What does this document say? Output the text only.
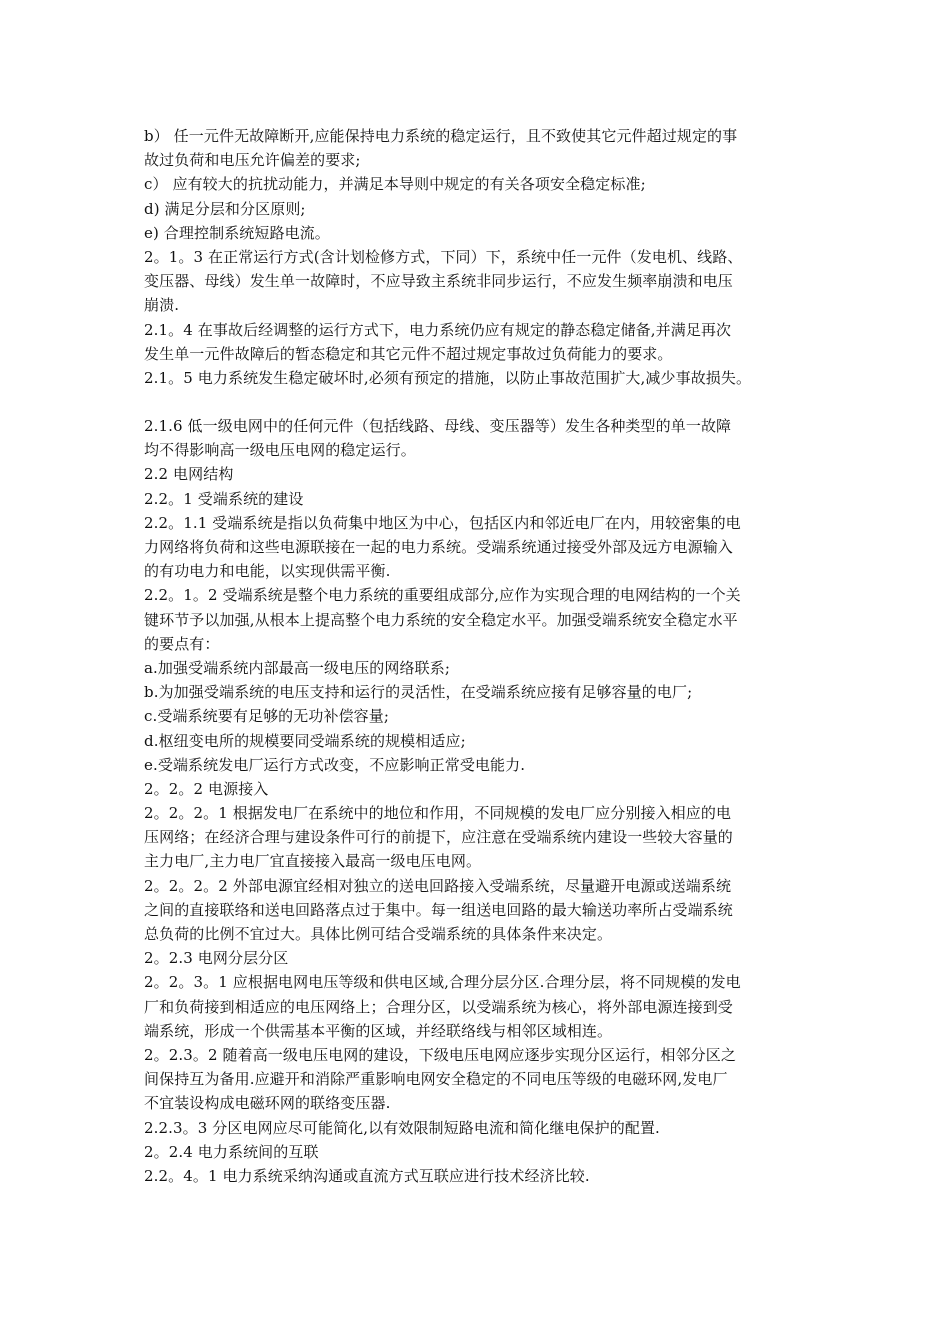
b） 任一元件无故障断开,应能保持电力系统的稳定运行，且不致使其它元件超过规定的事
故过负荷和电压允许偏差的要求;
c） 应有较大的抗扰动能力，并满足本导则中规定的有关各项安全稳定标准;
d) 满足分层和分区原则;
e) 合理控制系统短路电流。
2。1。3 在正常运行方式(含计划检修方式，下同）下，系统中任一元件（发电机、线路、
变压器、母线）发生单一故障时，不应导致主系统非同步运行，不应发生频率崩溃和电压
崩溃.
2.1。4 在事故后经调整的运行方式下，电力系统仍应有规定的静态稳定储备,并满足再次
发生单一元件故障后的暂态稳定和其它元件不超过规定事故过负荷能力的要求。
2.1。5 电力系统发生稳定破坏时,必须有预定的措施，以防止事故范围扩大,减少事故损失。
2.1.6 低一级电网中的任何元件（包括线路、母线、变压器等）发生各种类型的单一故障
均不得影响高一级电压电网的稳定运行。
2.2 电网结构
2.2。1 受端系统的建设
2.2。1.1 受端系统是指以负荷集中地区为中心，包括区内和邻近电厂在内，用较密集的电
力网络将负荷和这些电源联接在一起的电力系统。受端系统通过接受外部及远方电源输入
的有功电力和电能，以实现供需平衡.
2.2。1。2 受端系统是整个电力系统的重要组成部分,应作为实现合理的电网结构的一个关
键环节予以加强,从根本上提高整个电力系统的安全稳定水平。加强受端系统安全稳定水平
的要点有：
a.加强受端系统内部最高一级电压的网络联系;
b.为加强受端系统的电压支持和运行的灵活性，在受端系统应接有足够容量的电厂;
c.受端系统要有足够的无功补偿容量;
d.枢纽变电所的规模要同受端系统的规模相适应;
e.受端系统发电厂运行方式改变，不应影响正常受电能力.
2。2。2 电源接入
2。2。2。1 根据发电厂在系统中的地位和作用，不同规模的发电厂应分别接入相应的电
压网络；在经济合理与建设条件可行的前提下，应注意在受端系统内建设一些较大容量的
主力电厂,主力电厂宜直接接入最高一级电压电网。
2。2。2。2 外部电源宜经相对独立的送电回路接入受端系统，尽量避开电源或送端系统
之间的直接联络和送电回路落点过于集中。每一组送电回路的最大输送功率所占受端系统
总负荷的比例不宜过大。具体比例可结合受端系统的具体条件来决定。
2。2.3 电网分层分区
2。2。3。1 应根据电网电压等级和供电区域,合理分层分区.合理分层，将不同规模的发电
厂和负荷接到相适应的电压网络上；合理分区，以受端系统为核心，将外部电源连接到受
端系统，形成一个供需基本平衡的区域，并经联络线与相邻区域相连。
2。2.3。2 随着高一级电压电网的建设，下级电压电网应逐步实现分区运行，相邻分区之
间保持互为备用.应避开和消除严重影响电网安全稳定的不同电压等级的电磁环网,发电厂
不宜装设构成电磁环网的联络变压器.
2.2.3。3 分区电网应尽可能简化,以有效限制短路电流和简化继电保护的配置.
2。2.4 电力系统间的互联
2.2。4。1 电力系统采纳沟通或直流方式互联应进行技术经济比较.
